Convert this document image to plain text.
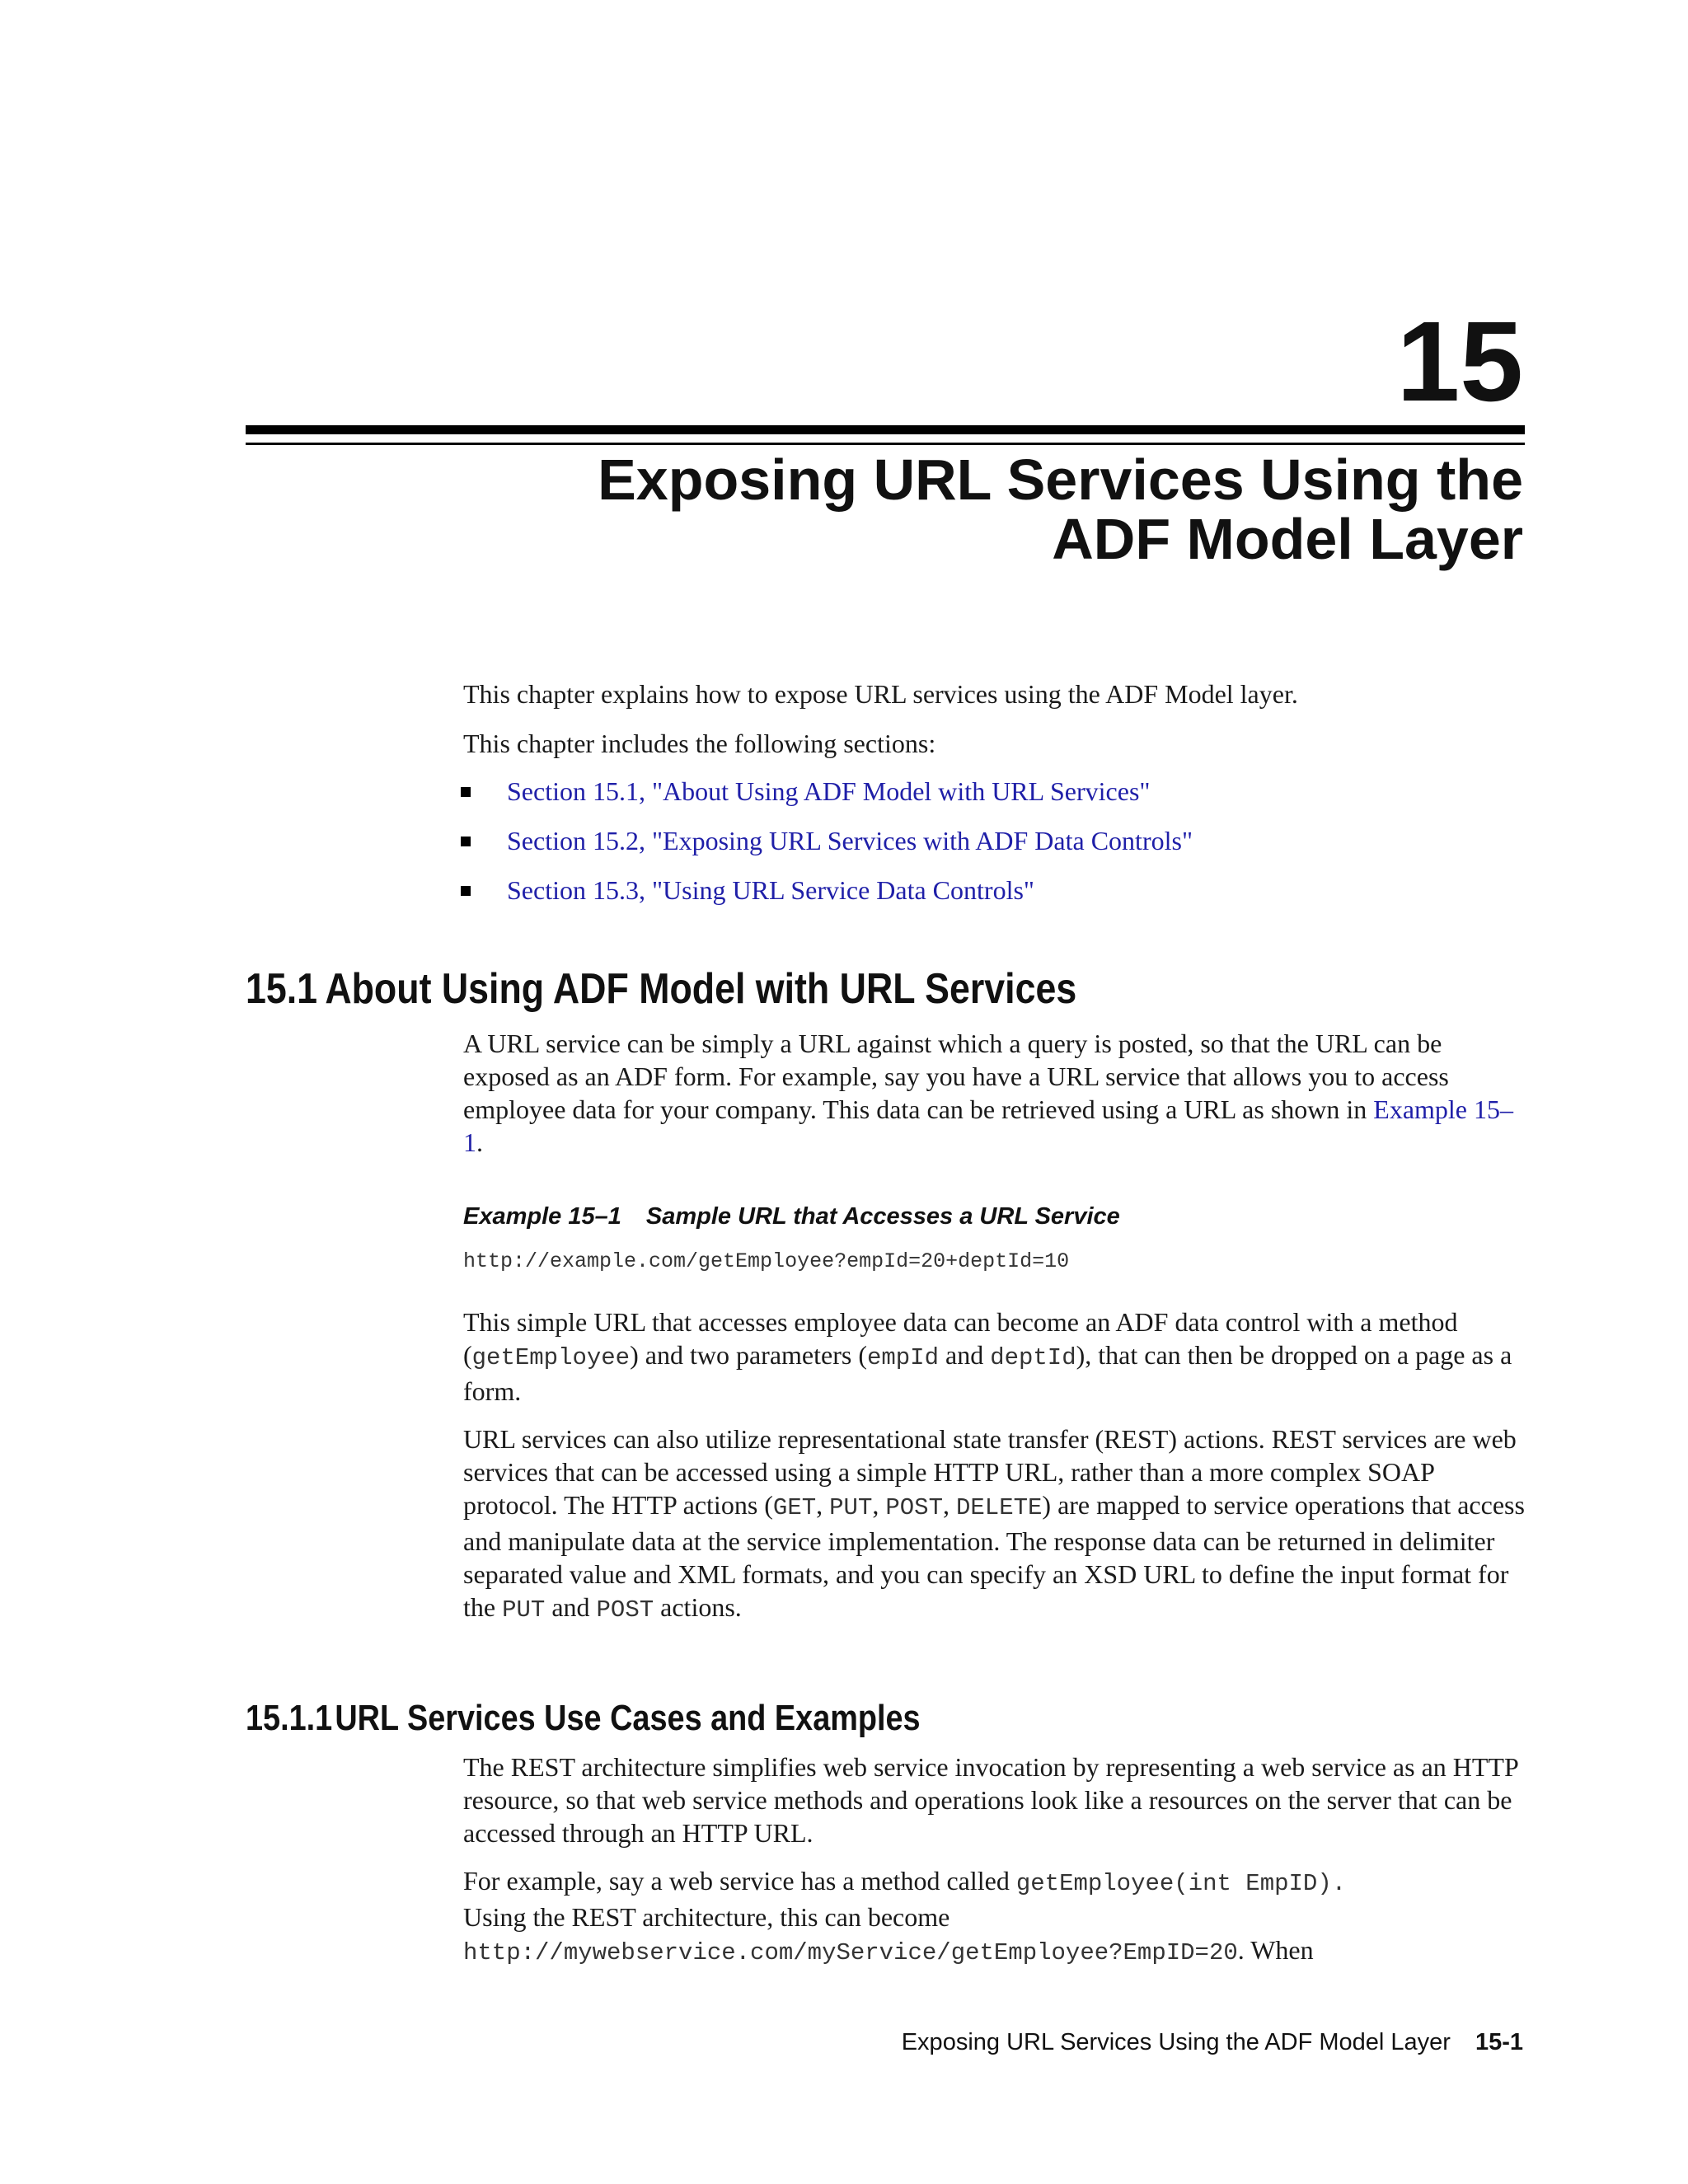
15
Exposing URL Services Using the
ADF Model Layer

This chapter explains how to expose URL services using the ADF Model layer.

This chapter includes the following sections:

Section 15.1, "About Using ADF Model with URL Services"
Section 15.2, "Exposing URL Services with ADF Data Controls"
Section 15.3, "Using URL Service Data Controls"
15.1 About Using ADF Model with URL Services

A URL service can be simply a URL against which a query is posted, so that the URL can be exposed as an ADF form. For example, say you have a URL service that allows you to access employee data for your company. This data can be retrieved using a URL as shown in Example 15–1.

Example 15–1 Sample URL that Accesses a URL Service

http://example.com/getEmployee?empId=20+deptId=10

This simple URL that accesses employee data can become an ADF data control with a method (getEmployee) and two parameters (empId and deptId), that can then be dropped on a page as a form.

URL services can also utilize representational state transfer (REST) actions. REST services are web services that can be accessed using a simple HTTP URL, rather than a more complex SOAP protocol. The HTTP actions (GET, PUT, POST, DELETE) are mapped to service operations that access and manipulate data at the service implementation. The response data can be returned in delimiter separated value and XML formats, and you can specify an XSD URL to define the input format for the PUT and POST actions.

15.1.1URL Services Use Cases and Examples

The REST architecture simplifies web service invocation by representing a web service as an HTTP resource, so that web service methods and operations look like a resources on the server that can be accessed through an HTTP URL.

For example, say a web service has a method called getEmployee(int EmpID).
Using the REST architecture, this can become
http://mywebservice.com/myService/getEmployee?EmpID=20. When

Exposing URL Services Using the ADF Model Layer 15-1
